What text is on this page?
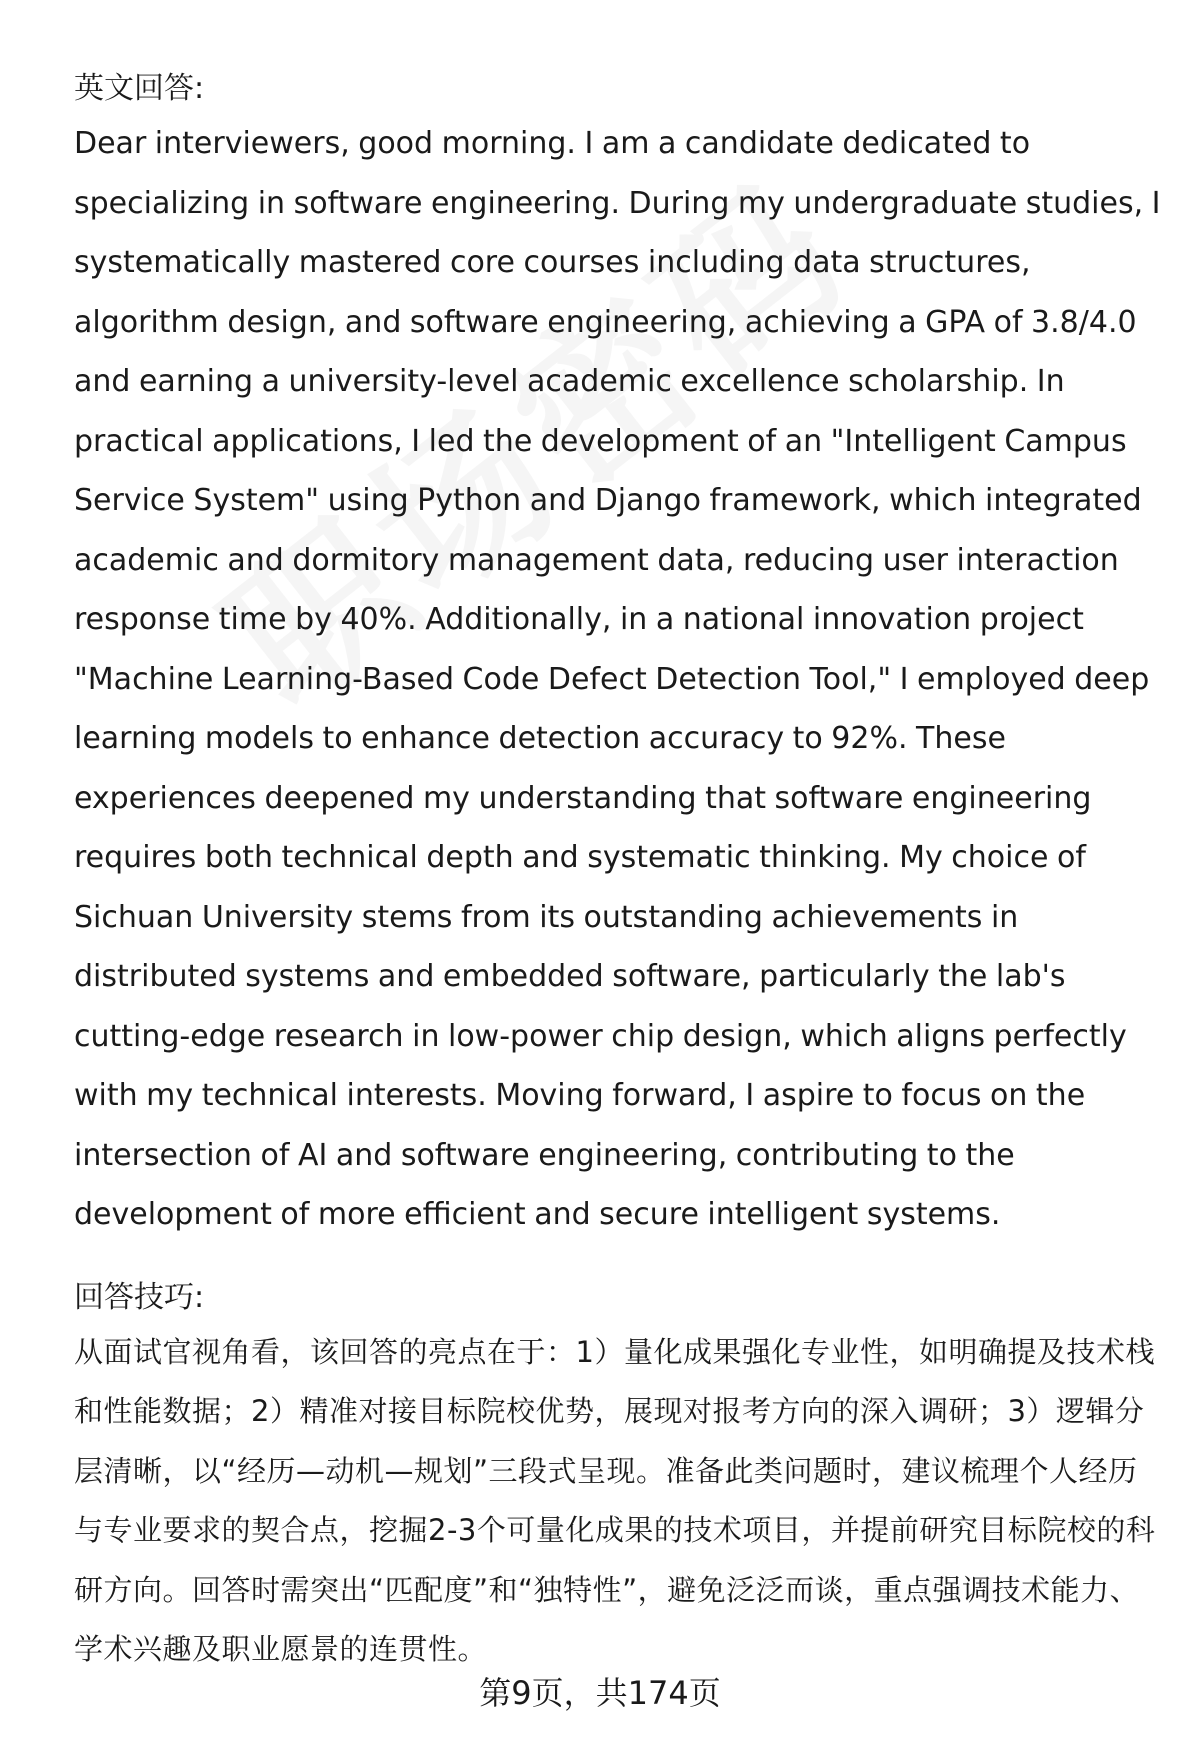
英文回答:

Dear interviewers, good morning. I am a candidate dedicated to specializing in software engineering. During my undergraduate studies, I systematically mastered core courses including data structures, algorithm design, and software engineering, achieving a GPA of 3.8/4.0 and earning a university-level academic excellence scholarship. In practical applications, I led the development of an "Intelligent Campus Service System" using Python and Django framework, which integrated academic and dormitory management data, reducing user interaction response time by 40%. Additionally, in a national innovation project "Machine Learning-Based Code Defect Detection Tool," I employed deep learning models to enhance detection accuracy to 92%. These experiences deepened my understanding that software engineering requires both technical depth and systematic thinking. My choice of Sichuan University stems from its outstanding achievements in distributed systems and embedded software, particularly the lab's cutting-edge research in low-power chip design, which aligns perfectly with my technical interests. Moving forward, I aspire to focus on the intersection of AI and software engineering, contributing to the development of more efficient and secure intelligent systems.

回答技巧:

从面试官视角看，该回答的亮点在于：1）量化成果强化专业性，如明确提及技术栈和性能数据；2）精准对接目标院校优势，展现对报考方向的深入调研；3）逻辑分层清晰，以“经历—动机—规划”三段式呈现。准备此类问题时，建议梳理个人经历与专业要求的契合点，挖掘2-3个可量化成果的技术项目，并提前研究目标院校的科研方向。回答时需突出“匹配度”和“独特性”，避免泛泛而谈，重点强调技术能力、学术兴趣及职业愿景的连贯性。

第9页，共174页
